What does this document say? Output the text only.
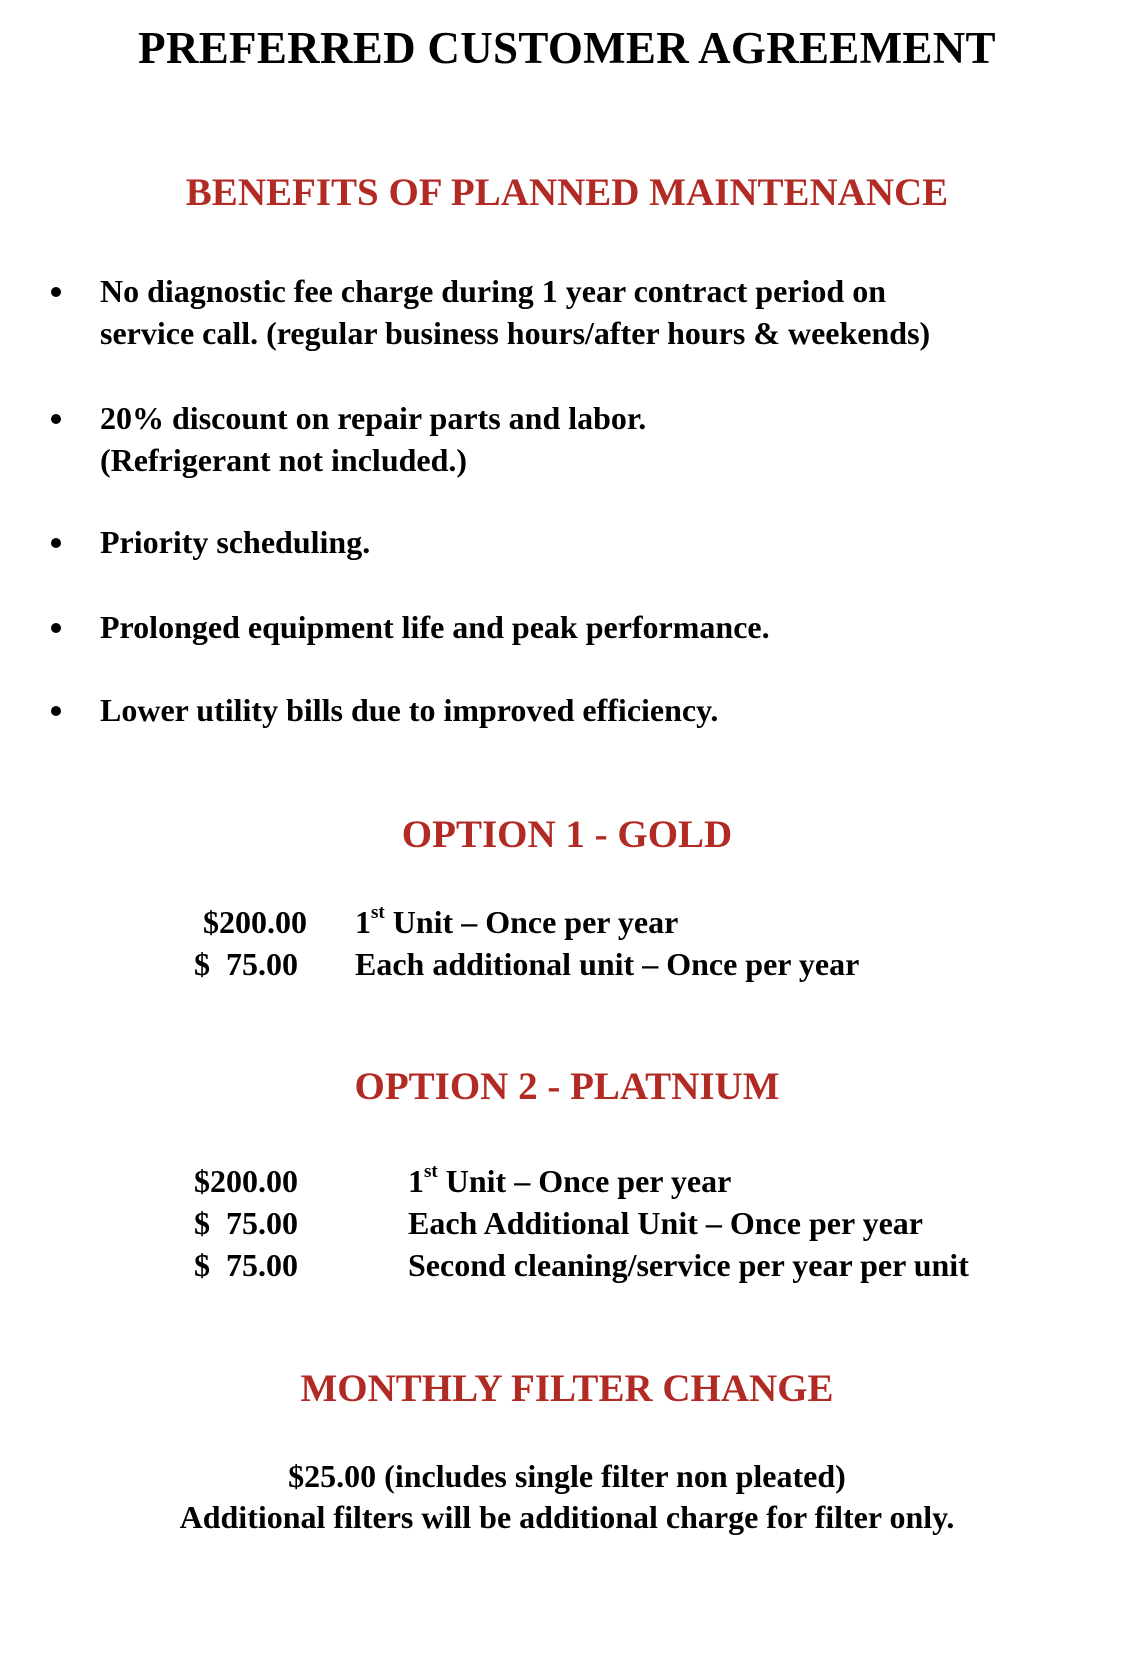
PREFERRED CUSTOMER AGREEMENT
BENEFITS OF PLANNED MAINTENANCE
No diagnostic fee charge during 1 year contract period on
service call. (regular business hours/after hours & weekends)
20% discount on repair parts and labor.
(Refrigerant not included.)
Priority scheduling.
Prolonged equipment life and peak performance.
Lower utility bills due to improved efficiency.
OPTION 1 - GOLD
$200.00 1st Unit – Once per year
$  75.00 Each additional unit – Once per year
OPTION 2 - PLATNIUM
$200.00	1st Unit – Once per year
$  75.00	Each Additional Unit – Once per year
$  75.00	Second cleaning/service per year per unit
MONTHLY FILTER CHANGE
$25.00 (includes single filter non pleated)
Additional filters will be additional charge for filter only.
